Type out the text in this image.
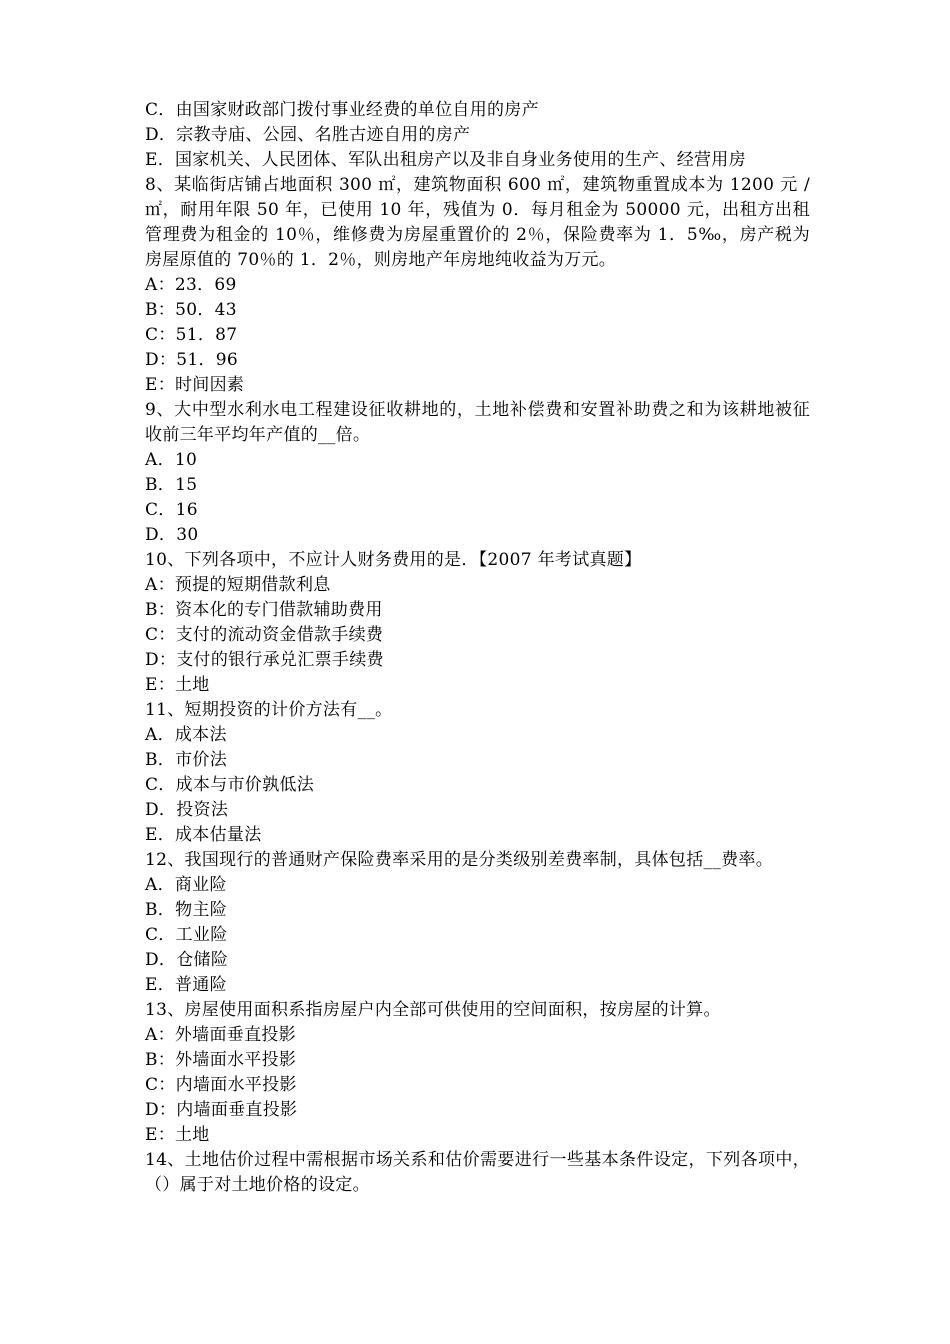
C．由国家财政部门拨付事业经费的单位自用的房产
D．宗教寺庙、公园、名胜古迹自用的房产
E．国家机关、人民团体、军队出租房产以及非自身业务使用的生产、经营用房
8、某临街店铺占地面积 300 ㎡，建筑物面积 600 ㎡，建筑物重置成本为 1200 元 / ㎡，耐用年限 50 年，已使用 10 年，残值为 0．每月租金为 50000 元，出租方出租管理费为租金的 10％，维修费为房屋重置价的 2％，保险费率为 1．5‰，房产税为房屋原值的 70％的 1．2％，则房地产年房地纯收益为万元。
A：23．69
B：50．43
C：51．87
D：51．96
E：时间因素
9、大中型水利水电工程建设征收耕地的，土地补偿费和安置补助费之和为该耕地被征收前三年平均年产值的__倍。
A．10
B．15
C．16
D．30
10、下列各项中，不应计人财务费用的是．【2007 年考试真题】
A：预提的短期借款利息
B：资本化的专门借款辅助费用
C：支付的流动资金借款手续费
D：支付的银行承兑汇票手续费
E：土地
11、短期投资的计价方法有__。
A．成本法
B．市价法
C．成本与市价孰低法
D．投资法
E．成本估量法
12、我国现行的普通财产保险费率采用的是分类级别差费率制，具体包括__费率。
A．商业险
B．物主险
C．工业险
D．仓储险
E．普通险
13、房屋使用面积系指房屋户内全部可供使用的空间面积，按房屋的计算。
A：外墙面垂直投影
B：外墙面水平投影
C：内墙面水平投影
D：内墙面垂直投影
E：土地
14、土地估价过程中需根据市场关系和估价需要进行一些基本条件设定，下列各项中，（）属于对土地价格的设定。
